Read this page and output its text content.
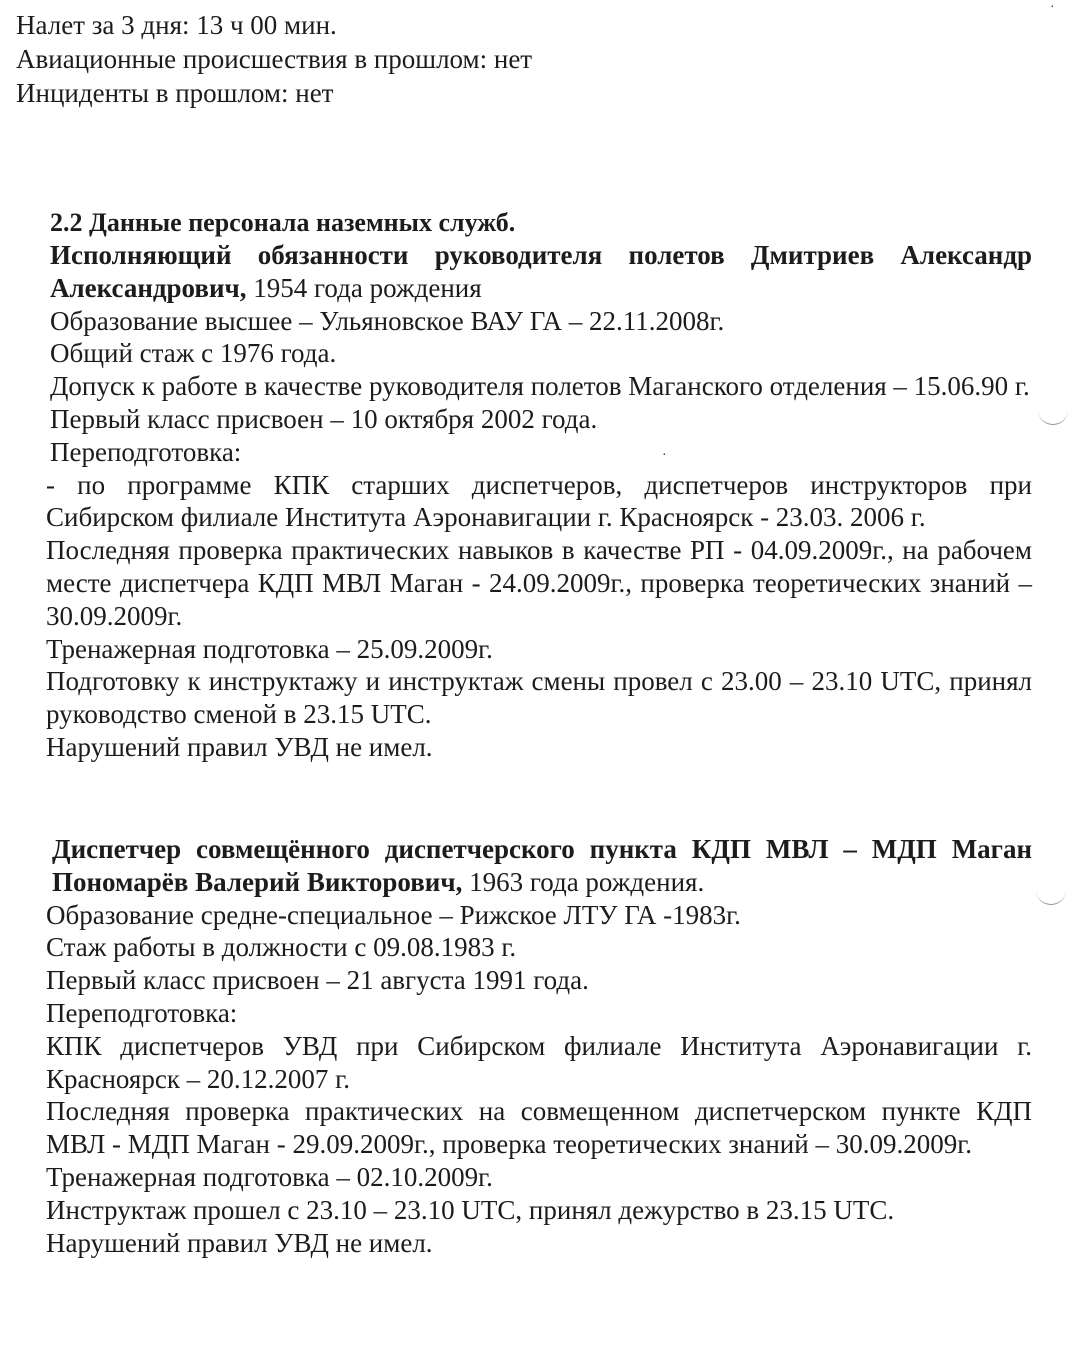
Налет за 3 дня: 13 ч 00 мин.
Авиационные происшествия в прошлом: нет
Инциденты в прошлом: нет
2.2 Данные персонала наземных служб.
Исполняющий обязанности руководителя полетов Дмитриев Александр Александрович, 1954 года рождения
Образование высшее – Ульяновское ВАУ ГА – 22.11.2008г.
Общий стаж с 1976 года.
Допуск к работе в качестве руководителя полетов Маганского отделения – 15.06.90 г.
Первый класс присвоен – 10 октября 2002 года.
Переподготовка:
- по программе КПК старших диспетчеров, диспетчеров инструкторов при Сибирском филиале Института Аэронавигации г. Красноярск - 23.03. 2006 г.
Последняя проверка практических навыков в качестве РП - 04.09.2009г., на рабочем месте диспетчера КДП МВЛ Маган - 24.09.2009г., проверка теоретических знаний – 30.09.2009г.
Тренажерная подготовка – 25.09.2009г.
Подготовку к инструктажу и инструктаж смены провел с 23.00 – 23.10 UTC, принял руководство сменой в 23.15 UTC.
Нарушений правил УВД не имел.
Диспетчер совмещённого диспетчерского пункта КДП МВЛ – МДП Маган Пономарёв Валерий Викторович, 1963 года рождения.
Образование средне-специальное – Рижское ЛТУ ГА -1983г.
Стаж работы в должности с 09.08.1983 г.
Первый класс присвоен – 21 августа 1991 года.
Переподготовка:
КПК диспетчеров УВД при Сибирском филиале Института Аэронавигации г. Красноярск – 20.12.2007 г.
Последняя проверка практических на совмещенном диспетчерском пункте КДП МВЛ - МДП Маган - 29.09.2009г., проверка теоретических знаний – 30.09.2009г.
Тренажерная подготовка – 02.10.2009г.
Инструктаж прошел с 23.10 – 23.10 UTC, принял дежурство в 23.15 UTC.
Нарушений правил УВД не имел.
·
·
